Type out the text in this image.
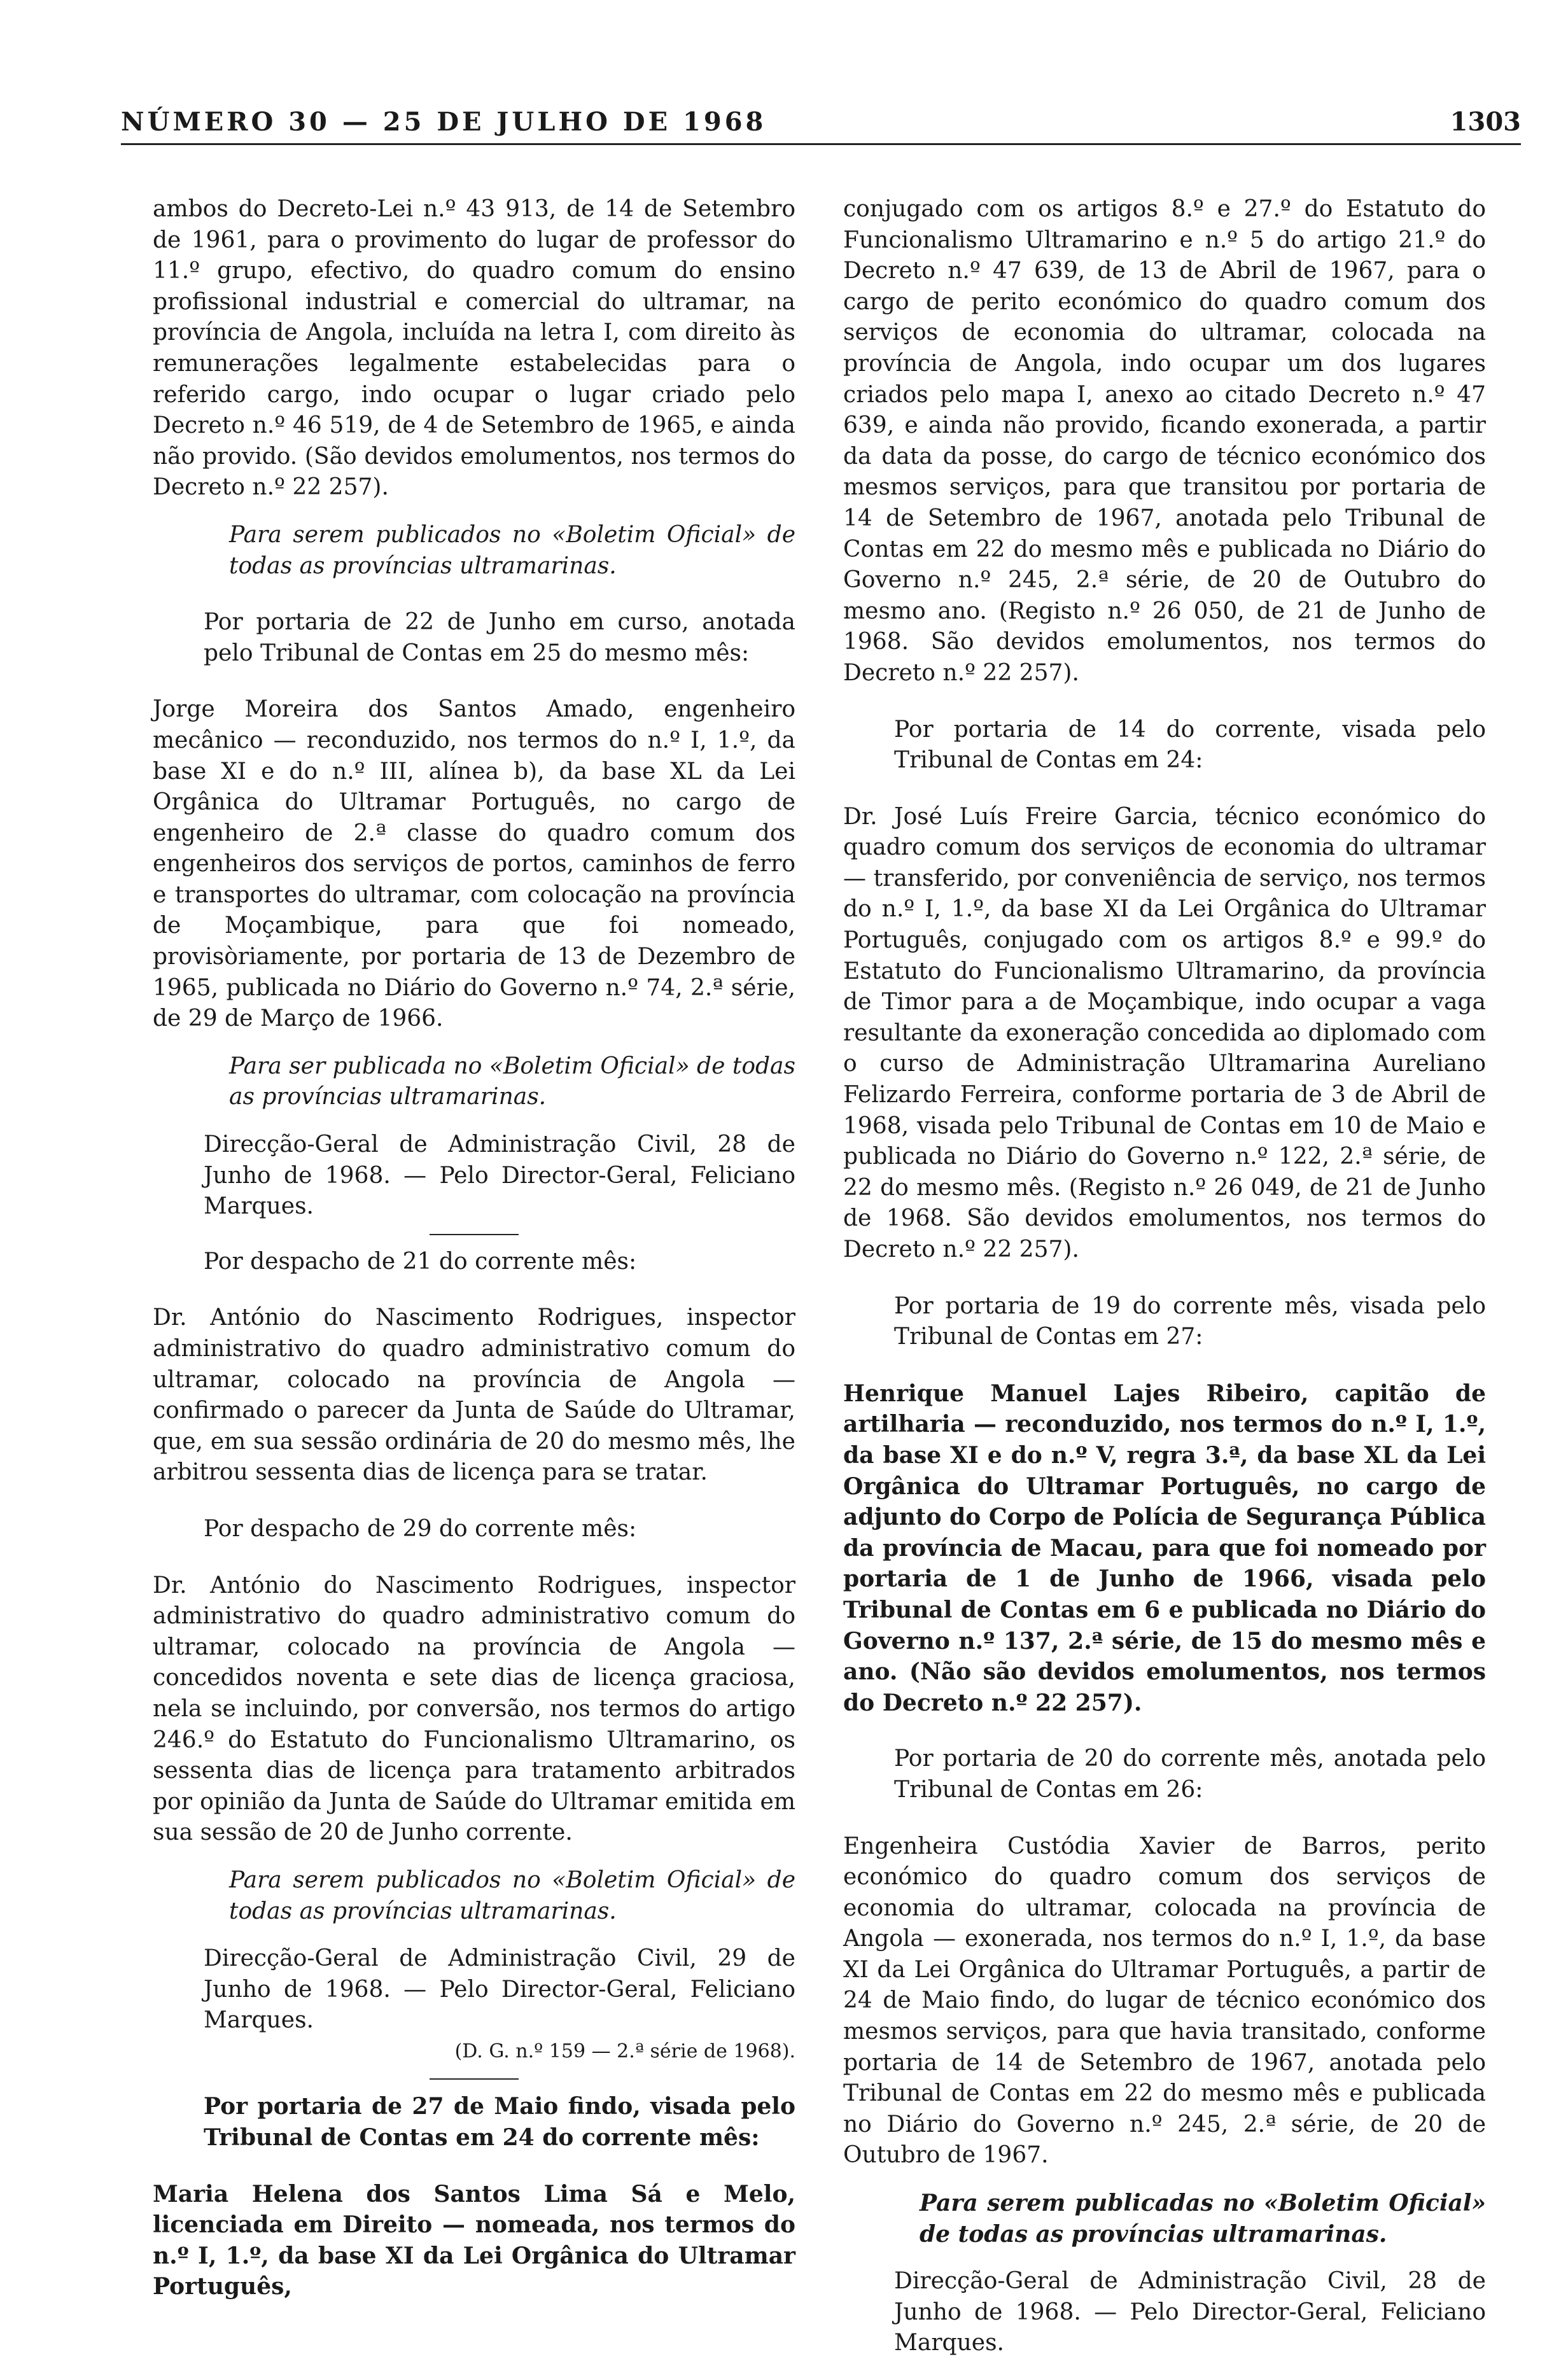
NÚMERO 30 — 25 DE JULHO DE 1968	1303

ambos do Decreto-Lei n.º 43 913, de 14 de Setembro de 1961, para o provimento do lugar de professor do 11.º grupo, efectivo, do quadro comum do ensino profissional industrial e comercial do ultramar, na província de Angola, incluída na letra I, com direito às remunerações legalmente estabelecidas para o referido cargo, indo ocupar o lugar criado pelo Decreto n.º 46 519, de 4 de Setembro de 1965, e ainda não provido. (São devidos emolumentos, nos termos do Decreto n.º 22 257).

Para serem publicados no «Boletim Oficial» de todas as províncias ultramarinas.

Por portaria de 22 de Junho em curso, anotada pelo Tribunal de Contas em 25 do mesmo mês:

Jorge Moreira dos Santos Amado, engenheiro mecânico — reconduzido, nos termos do n.º I, 1.º, da base XI e do n.º III, alínea b), da base XL da Lei Orgânica do Ultramar Português, no cargo de engenheiro de 2.ª classe do quadro comum dos engenheiros dos serviços de portos, caminhos de ferro e transportes do ultramar, com colocação na província de Moçambique, para que foi nomeado, provisòriamente, por portaria de 13 de Dezembro de 1965, publicada no Diário do Governo n.º 74, 2.ª série, de 29 de Março de 1966.

Para ser publicada no «Boletim Oficial» de todas as províncias ultramarinas.

Direcção-Geral de Administração Civil, 28 de Junho de 1968. — Pelo Director-Geral, Feliciano Marques.

Por despacho de 21 do corrente mês:

Dr. António do Nascimento Rodrigues, inspector administrativo do quadro administrativo comum do ultramar, colocado na província de Angola — confirmado o parecer da Junta de Saúde do Ultramar, que, em sua sessão ordinária de 20 do mesmo mês, lhe arbitrou sessenta dias de licença para se tratar.

Por despacho de 29 do corrente mês:

Dr. António do Nascimento Rodrigues, inspector administrativo do quadro administrativo comum do ultramar, colocado na província de Angola — concedidos noventa e sete dias de licença graciosa, nela se incluindo, por conversão, nos termos do artigo 246.º do Estatuto do Funcionalismo Ultramarino, os sessenta dias de licença para tratamento arbitrados por opinião da Junta de Saúde do Ultramar emitida em sua sessão de 20 de Junho corrente.

Para serem publicados no «Boletim Oficial» de todas as províncias ultramarinas.

Direcção-Geral de Administração Civil, 29 de Junho de 1968. — Pelo Director-Geral, Feliciano Marques.

(D. G. n.º 159 — 2.ª série de 1968).

Por portaria de 27 de Maio findo, visada pelo Tribunal de Contas em 24 do corrente mês:

Maria Helena dos Santos Lima Sá e Melo, licenciada em Direito — nomeada, nos termos do n.º I, 1.º, da base XI da Lei Orgânica do Ultramar Português,

conjugado com os artigos 8.º e 27.º do Estatuto do Funcionalismo Ultramarino e n.º 5 do artigo 21.º do Decreto n.º 47 639, de 13 de Abril de 1967, para o cargo de perito económico do quadro comum dos serviços de economia do ultramar, colocada na província de Angola, indo ocupar um dos lugares criados pelo mapa I, anexo ao citado Decreto n.º 47 639, e ainda não provido, ficando exonerada, a partir da data da posse, do cargo de técnico económico dos mesmos serviços, para que transitou por portaria de 14 de Setembro de 1967, anotada pelo Tribunal de Contas em 22 do mesmo mês e publicada no Diário do Governo n.º 245, 2.ª série, de 20 de Outubro do mesmo ano. (Registo n.º 26 050, de 21 de Junho de 1968. São devidos emolumentos, nos termos do Decreto n.º 22 257).

Por portaria de 14 do corrente, visada pelo Tribunal de Contas em 24:

Dr. José Luís Freire Garcia, técnico económico do quadro comum dos serviços de economia do ultramar — transferido, por conveniência de serviço, nos termos do n.º I, 1.º, da base XI da Lei Orgânica do Ultramar Português, conjugado com os artigos 8.º e 99.º do Estatuto do Funcionalismo Ultramarino, da província de Timor para a de Moçambique, indo ocupar a vaga resultante da exoneração concedida ao diplomado com o curso de Administração Ultramarina Aureliano Felizardo Ferreira, conforme portaria de 3 de Abril de 1968, visada pelo Tribunal de Contas em 10 de Maio e publicada no Diário do Governo n.º 122, 2.ª série, de 22 do mesmo mês. (Registo n.º 26 049, de 21 de Junho de 1968. São devidos emolumentos, nos termos do Decreto n.º 22 257).

Por portaria de 19 do corrente mês, visada pelo Tribunal de Contas em 27:

Henrique Manuel Lajes Ribeiro, capitão de artilharia — reconduzido, nos termos do n.º I, 1.º, da base XI e do n.º V, regra 3.ª, da base XL da Lei Orgânica do Ultramar Português, no cargo de adjunto do Corpo de Polícia de Segurança Pública da província de Macau, para que foi nomeado por portaria de 1 de Junho de 1966, visada pelo Tribunal de Contas em 6 e publicada no Diário do Governo n.º 137, 2.ª série, de 15 do mesmo mês e ano. (Não são devidos emolumentos, nos termos do Decreto n.º 22 257).

Por portaria de 20 do corrente mês, anotada pelo Tribunal de Contas em 26:

Engenheira Custódia Xavier de Barros, perito económico do quadro comum dos serviços de economia do ultramar, colocada na província de Angola — exonerada, nos termos do n.º I, 1.º, da base XI da Lei Orgânica do Ultramar Português, a partir de 24 de Maio findo, do lugar de técnico económico dos mesmos serviços, para que havia transitado, conforme portaria de 14 de Setembro de 1967, anotada pelo Tribunal de Contas em 22 do mesmo mês e publicada no Diário do Governo n.º 245, 2.ª série, de 20 de Outubro de 1967.

Para serem publicadas no «Boletim Oficial» de todas as províncias ultramarinas.

Direcção-Geral de Administração Civil, 28 de Junho de 1968. — Pelo Director-Geral, Feliciano Marques.
